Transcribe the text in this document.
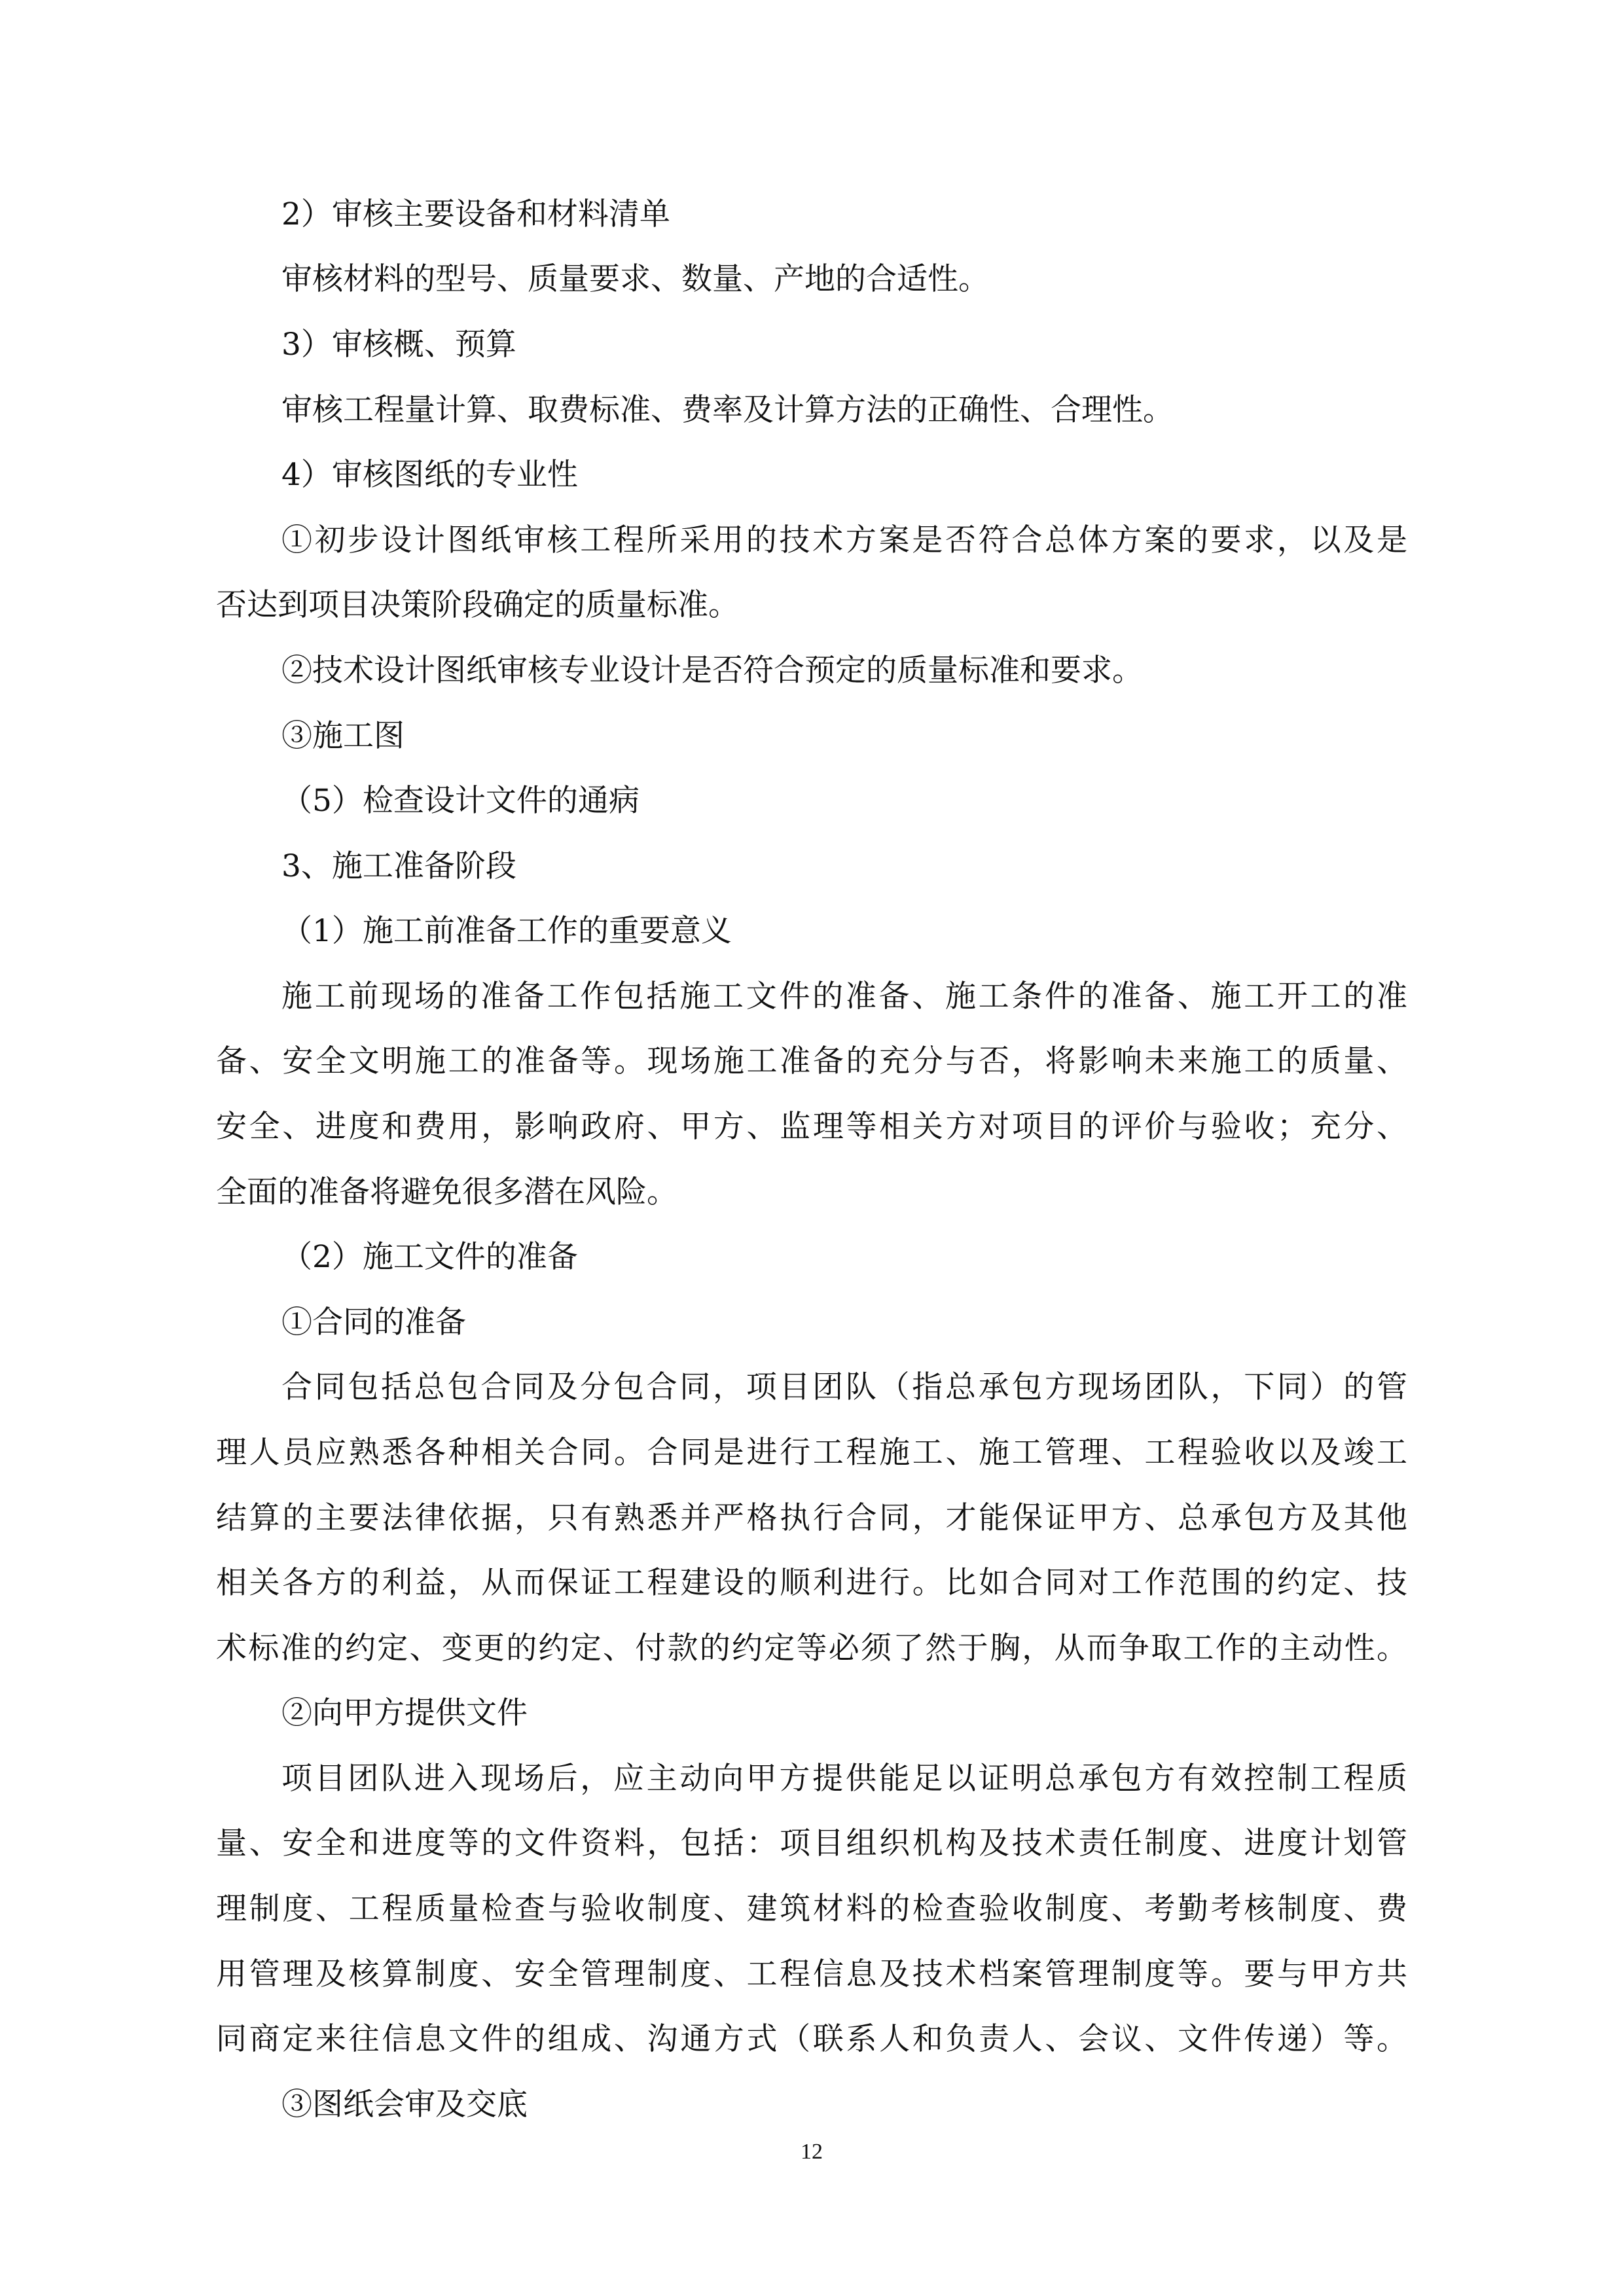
2）审核主要设备和材料清单

审核材料的型号、质量要求、数量、产地的合适性。

3）审核概、预算

审核工程量计算、取费标准、费率及计算方法的正确性、合理性。

4）审核图纸的专业性

①初步设计图纸审核工程所采用的技术方案是否符合总体方案的要求，以及是

否达到项目决策阶段确定的质量标准。

②技术设计图纸审核专业设计是否符合预定的质量标准和要求。

③施工图

（5）检查设计文件的通病

3、施工准备阶段

（1）施工前准备工作的重要意义

施工前现场的准备工作包括施工文件的准备、施工条件的准备、施工开工的准

备、安全文明施工的准备等。现场施工准备的充分与否，将影响未来施工的质量、

安全、进度和费用，影响政府、甲方、监理等相关方对项目的评价与验收；充分、

全面的准备将避免很多潜在风险。

（2）施工文件的准备

①合同的准备

合同包括总包合同及分包合同，项目团队（指总承包方现场团队，下同）的管

理人员应熟悉各种相关合同。合同是进行工程施工、施工管理、工程验收以及竣工

结算的主要法律依据，只有熟悉并严格执行合同，才能保证甲方、总承包方及其他

相关各方的利益，从而保证工程建设的顺利进行。比如合同对工作范围的约定、技

术标准的约定、变更的约定、付款的约定等必须了然于胸，从而争取工作的主动性。

②向甲方提供文件

项目团队进入现场后，应主动向甲方提供能足以证明总承包方有效控制工程质

量、安全和进度等的文件资料，包括：项目组织机构及技术责任制度、进度计划管

理制度、工程质量检查与验收制度、建筑材料的检查验收制度、考勤考核制度、费

用管理及核算制度、安全管理制度、工程信息及技术档案管理制度等。要与甲方共

同商定来往信息文件的组成、沟通方式（联系人和负责人、会议、文件传递）等。

③图纸会审及交底

12
